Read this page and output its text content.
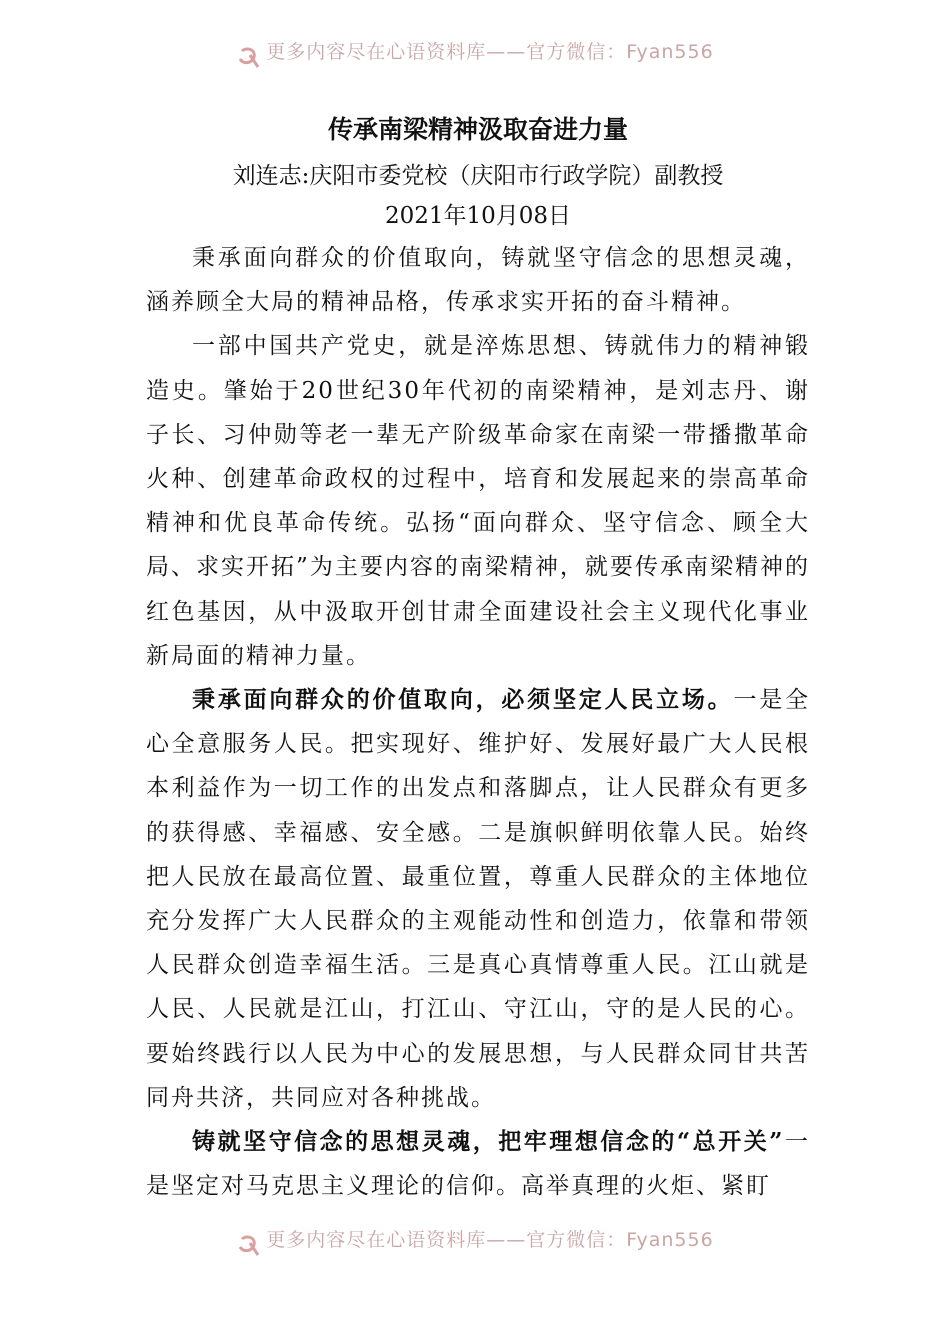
更多内容尽在心语资料库——官方微信：Fyan556
传承南梁精神汲取奋进力量

刘连志:庆阳市委党校（庆阳市行政学院）副教授

2021年10月08日

秉承面向群众的价值取向，铸就坚守信念的思想灵魂，涵养顾全大局的精神品格，传承求实开拓的奋斗精神。

一部中国共产党史，就是淬炼思想、铸就伟力的精神锻造史。肇始于20世纪30年代初的南梁精神，是刘志丹、谢子长、习仲勋等老一辈无产阶级革命家在南梁一带播撒革命火种、创建革命政权的过程中，培育和发展起来的崇高革命精神和优良革命传统。弘扬“面向群众、坚守信念、顾全大局、求实开拓”为主要内容的南梁精神，就要传承南梁精神的红色基因，从中汲取开创甘肃全面建设社会主义现代化事业新局面的精神力量。

秉承面向群众的价值取向，必须坚定人民立场。一是全心全意服务人民。把实现好、维护好、发展好最广大人民根本利益作为一切工作的出发点和落脚点，让人民群众有更多的获得感、幸福感、安全感。二是旗帜鲜明依靠人民。始终把人民放在最高位置、最重位置，尊重人民群众的主体地位充分发挥广大人民群众的主观能动性和创造力，依靠和带领人民群众创造幸福生活。三是真心真情尊重人民。江山就是人民、人民就是江山，打江山、守江山，守的是人民的心。要始终践行以人民为中心的发展思想，与人民群众同甘共苦同舟共济，共同应对各种挑战。

铸就坚守信念的思想灵魂，把牢理想信念的“总开关”一是坚定对马克思主义理论的信仰。高举真理的火炬、紧盯

更多内容尽在心语资料库——官方微信：Fyan556
